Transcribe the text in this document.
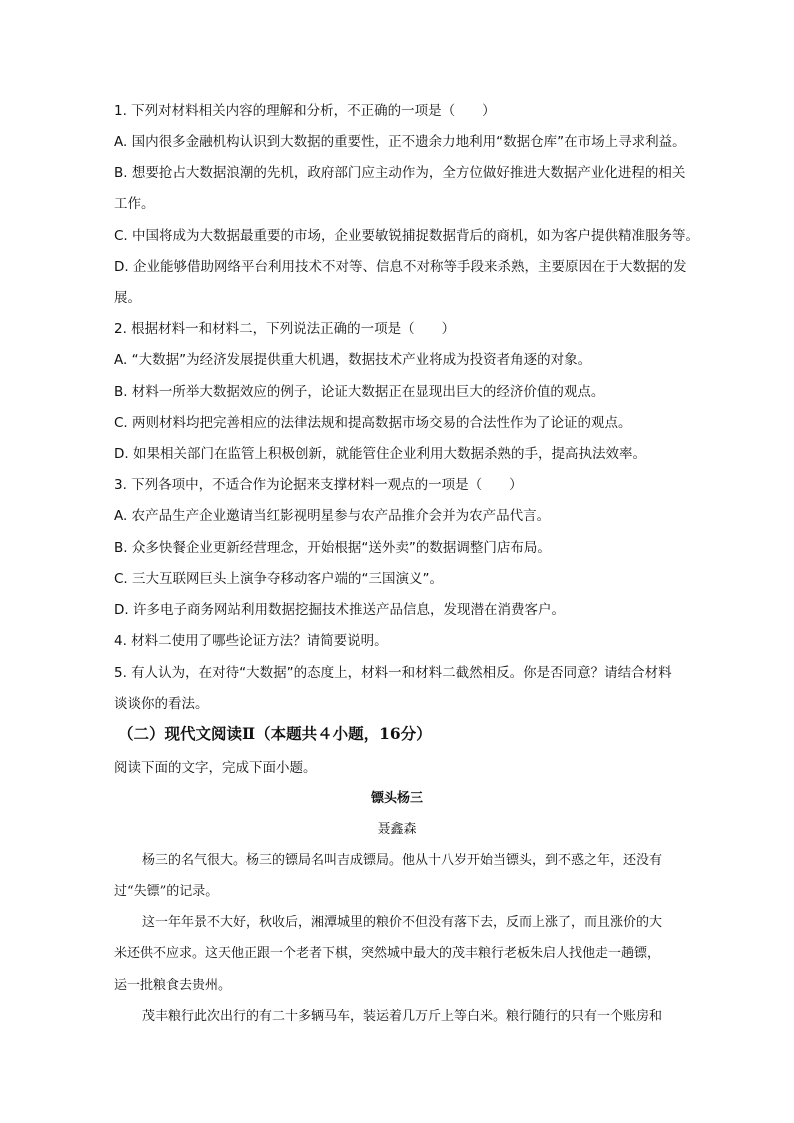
1. 下列对材料相关内容的理解和分析，不正确的一项是（　　）
A. 国内很多金融机构认识到大数据的重要性，正不遗余力地利用“数据仓库”在市场上寻求利益。
B. 想要抢占大数据浪潮的先机，政府部门应主动作为，全方位做好推进大数据产业化进程的相关
工作。
C. 中国将成为大数据最重要的市场，企业要敏锐捕捉数据背后的商机，如为客户提供精准服务等。
D. 企业能够借助网络平台利用技术不对等、信息不对称等手段来杀熟，主要原因在于大数据的发
展。
2. 根据材料一和材料二，下列说法正确的一项是（　　）
A. “大数据”为经济发展提供重大机遇，数据技术产业将成为投资者角逐的对象。
B. 材料一所举大数据效应的例子，论证大数据正在显现出巨大的经济价值的观点。
C. 两则材料均把完善相应的法律法规和提高数据市场交易的合法性作为了论证的观点。
D. 如果相关部门在监管上积极创新，就能管住企业利用大数据杀熟的手，提高执法效率。
3. 下列各项中，不适合作为论据来支撑材料一观点的一项是（　　）
A. 农产品生产企业邀请当红影视明星参与农产品推介会并为农产品代言。
B. 众多快餐企业更新经营理念，开始根据“送外卖”的数据调整门店布局。
C. 三大互联网巨头上演争夺移动客户端的“三国演义”。
D. 许多电子商务网站利用数据挖掘技术推送产品信息，发现潜在消费客户。
4. 材料二使用了哪些论证方法？请简要说明。
5. 有人认为，在对待“大数据”的态度上，材料一和材料二截然相反。你是否同意？请结合材料
谈谈你的看法。
（二）现代文阅读Ⅱ（本题共４小题，16分）
阅读下面的文字，完成下面小题。
镖头杨三
聂鑫森
杨三的名气很大。杨三的镖局名叫吉成镖局。他从十八岁开始当镖头，到不惑之年，还没有
过“失镖”的记录。
这一年年景不大好，秋收后，湘潭城里的粮价不但没有落下去，反而上涨了，而且涨价的大
米还供不应求。这天他正跟一个老者下棋，突然城中最大的茂丰粮行老板朱启人找他走一趟镖，
运一批粮食去贵州。
茂丰粮行此次出行的有二十多辆马车，装运着几万斤上等白米。粮行随行的只有一个账房和
